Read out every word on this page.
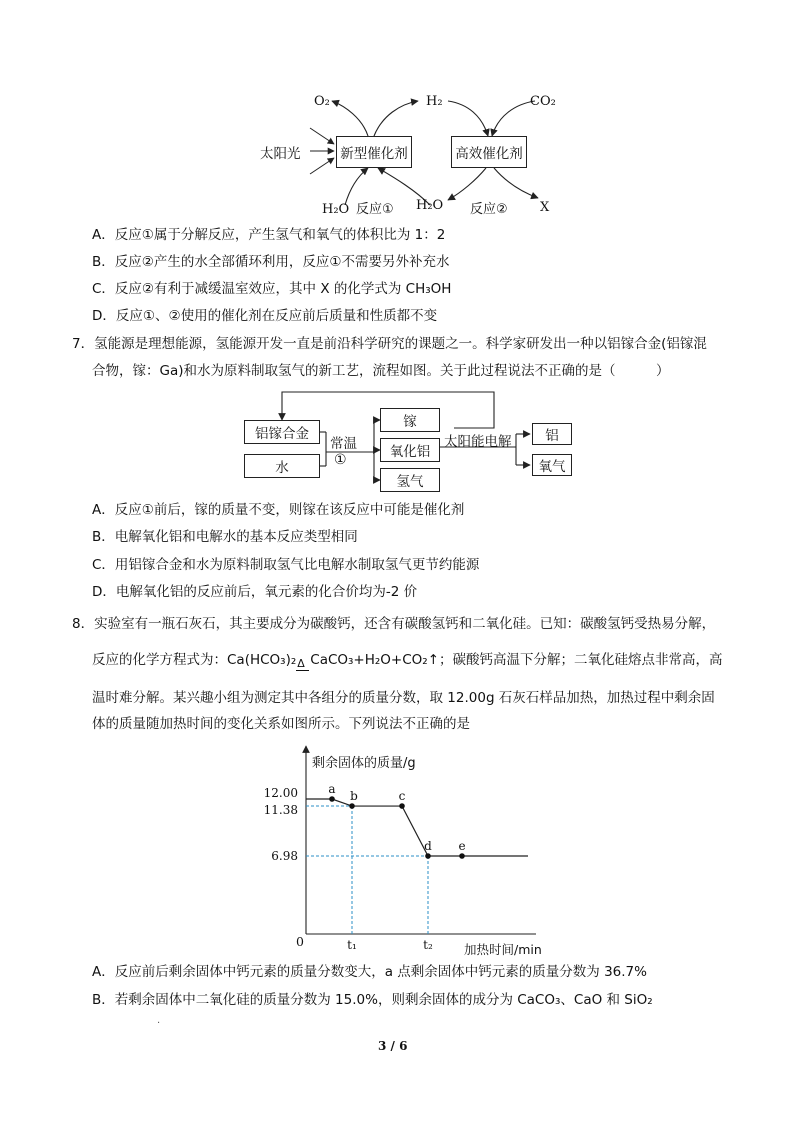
太阳光	新型催化剂	高效催化剂
O₂	H₂	CO₂
H₂O 反应① H₂O 反应② X
A．反应①属于分解反应，产生氢气和氧气的体积比为 1：2
B．反应②产生的水全部循环利用，反应①不需要另外补充水
C．反应②有利于减缓温室效应，其中 X 的化学式为 CH₃OH
D．反应①、②使用的催化剂在反应前后质量和性质都不变
7．氢能源是理想能源，氢能源开发一直是前沿科学研究的课题之一。科学家研发出一种以铝镓合金(铝镓混
合物，镓：Ga)和水为原料制取氢气的新工艺，流程如图。关于此过程说法不正确的是（　　　）
铝镓合金
水
常温
①
镓
氧化铝
氢气
太阳能电解	铝
氧气
A．反应①前后，镓的质量不变，则镓在该反应中可能是催化剂
B．电解氧化铝和电解水的基本反应类型相同
C．用铝镓合金和水为原料制取氢气比电解水制取氢气更节约能源
D．电解氧化铝的反应前后，氧元素的化合价均为-2 价
8．实验室有一瓶石灰石，其主要成分为碳酸钙，还含有碳酸氢钙和二氧化硅。已知：碳酸氢钙受热易分解，
反应的化学方程式为：Ca(HCO₃)₂ Δ CaCO₃+H₂O+CO₂↑；碳酸钙高温下分解；二氧化硅熔点非常高，高
温时难分解。某兴趣小组为测定其中各组分的质量分数，取 12.00g 石灰石样品加热，加热过程中剩余固
体的质量随加热时间的变化关系如图所示。下列说法不正确的是
a
b	c
d e
12.00
11.38
6.98
t₁	t₂
剩余固体的质量/g
0
加热时间/min
A．反应前后剩余固体中钙元素的质量分数变大，a 点剩余固体中钙元素的质量分数为 36.7%
B．若剩余固体中二氧化硅的质量分数为 15.0%，则剩余固体的成分为 CaCO₃、CaO 和 SiO₂
·
3 / 6
